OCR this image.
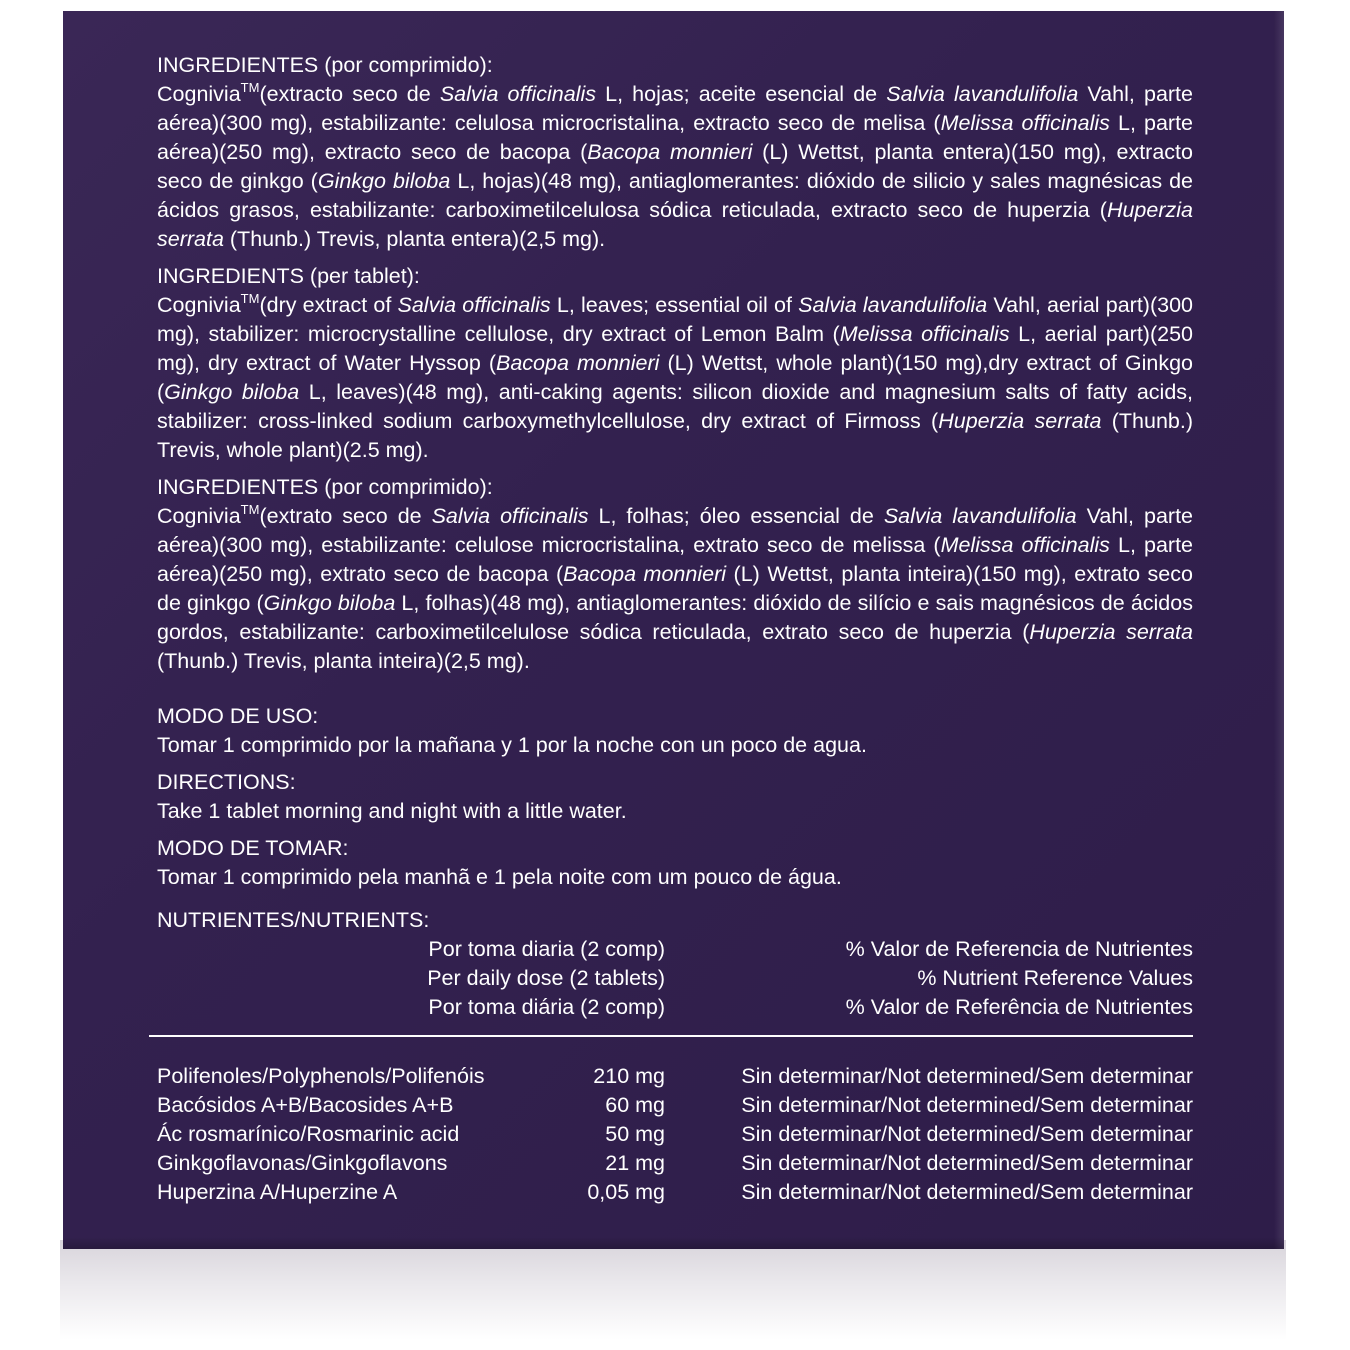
INGREDIENTES (por comprimido):
Cognivia™(extracto seco de Salvia officinalis L, hojas; aceite esencial de Salvia lavandulifolia Vahl, parte aérea)(300 mg), estabilizante: celulosa microcristalina, extracto seco de melisa (Melissa officinalis L, parte aérea)(250 mg), extracto seco de bacopa (Bacopa monnieri (L) Wettst, planta entera)(150 mg), extracto seco de ginkgo (Ginkgo biloba L, hojas)(48 mg), antiaglomerantes: dióxido de silicio y sales magnésicas de ácidos grasos, estabilizante: carboximetilcelulosa sódica reticulada, extracto seco de huperzia (Huperzia serrata (Thunb.) Trevis, planta entera)(2,5 mg).
INGREDIENTS (per tablet):
Cognivia™(dry extract of Salvia officinalis L, leaves; essential oil of Salvia lavandulifolia Vahl, aerial part)(300 mg), stabilizer: microcrystalline cellulose, dry extract of Lemon Balm (Melissa officinalis L, aerial part)(250 mg), dry extract of Water Hyssop (Bacopa monnieri (L) Wettst, whole plant)(150 mg),dry extract of Ginkgo (Ginkgo biloba L, leaves)(48 mg), anti-caking agents: silicon dioxide and magnesium salts of fatty acids, stabilizer: cross-linked sodium carboxymethylcellulose, dry extract of Firmoss (Huperzia serrata (Thunb.) Trevis, whole plant)(2.5 mg).
INGREDIENTES (por comprimido):
Cognivia™(extrato seco de Salvia officinalis L, folhas; óleo essencial de Salvia lavandulifolia Vahl, parte aérea)(300 mg), estabilizante: celulose microcristalina, extrato seco de melissa (Melissa officinalis L, parte aérea)(250 mg), extrato seco de bacopa (Bacopa monnieri (L) Wettst, planta inteira)(150 mg), extrato seco de ginkgo (Ginkgo biloba L, folhas)(48 mg), antiaglomerantes: dióxido de silício e sais magnésicos de ácidos gordos, estabilizante: carboximetilcelulose sódica reticulada, extrato seco de huperzia (Huperzia serrata (Thunb.) Trevis, planta inteira)(2,5 mg).
MODO DE USO:
Tomar 1 comprimido por la mañana y 1 por la noche con un poco de agua.
DIRECTIONS:
Take 1 tablet morning and night with a little water.
MODO DE TOMAR:
Tomar 1 comprimido pela manhã e 1 pela noite com um pouco de água.
NUTRIENTES/NUTRIENTS:
Por toma diaria (2 comp)	% Valor de Referencia de Nutrientes
Per daily dose (2 tablets)	% Nutrient Reference Values
Por toma diária (2 comp)	% Valor de Referência de Nutrientes
Polifenoles/Polyphenols/Polifenóis	210 mg	Sin determinar/Not determined/Sem determinar
Bacósidos A+B/Bacosides A+B	60 mg	Sin determinar/Not determined/Sem determinar
Ác rosmarínico/Rosmarinic acid	50 mg	Sin determinar/Not determined/Sem determinar
Ginkgoflavonas/Ginkgoflavons	21 mg	Sin determinar/Not determined/Sem determinar
Huperzina A/Huperzine A	0,05 mg	Sin determinar/Not determined/Sem determinar
